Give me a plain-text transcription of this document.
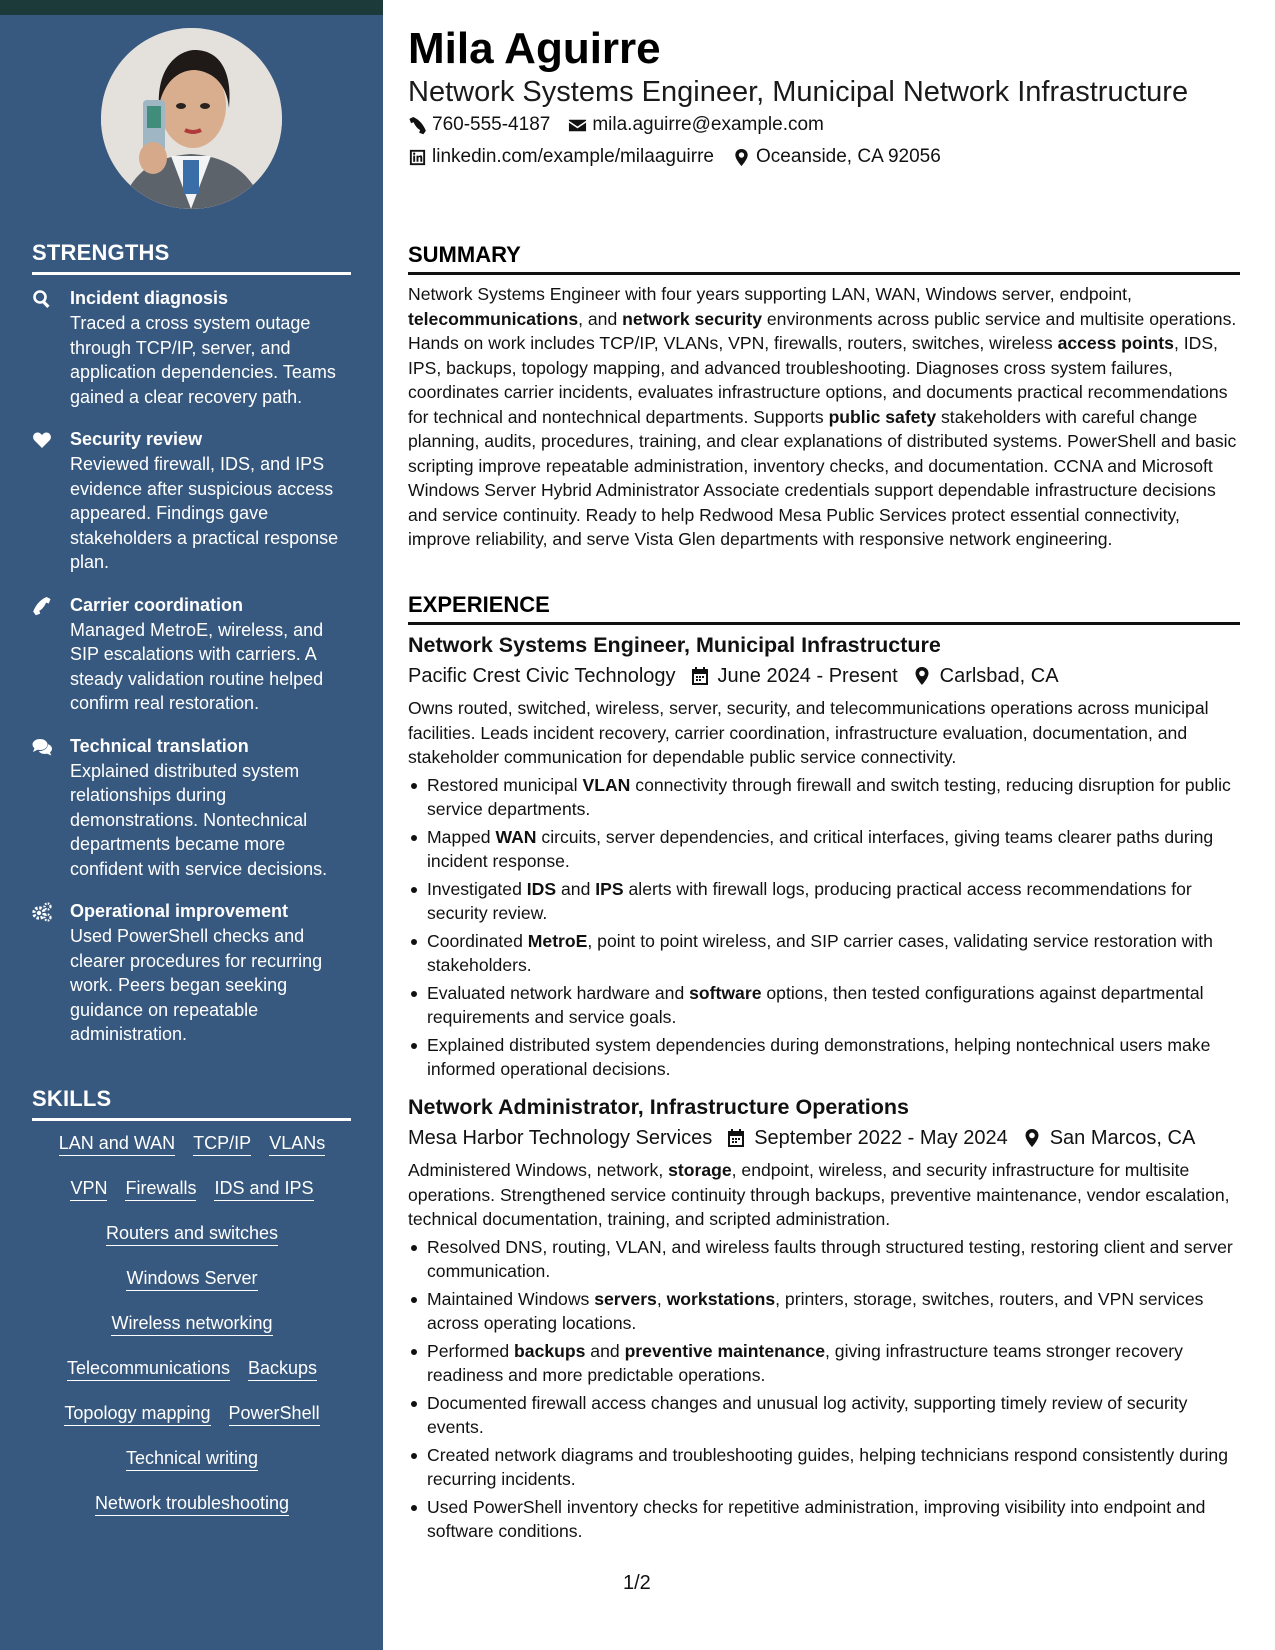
STRENGTHS
Incident diagnosis
Traced a cross system outage through TCP/IP, server, and application dependencies. Teams gained a clear recovery path.
Security review
Reviewed firewall, IDS, and IPS evidence after suspicious access appeared. Findings gave stakeholders a practical response plan.
Carrier coordination
Managed MetroE, wireless, and SIP escalations with carriers. A steady validation routine helped confirm real restoration.
Technical translation
Explained distributed system relationships during demonstrations. Nontechnical departments became more confident with service decisions.
Operational improvement
Used PowerShell checks and clearer procedures for recurring work. Peers began seeking guidance on repeatable administration.
SKILLS
LAN and WAN TCP/IP VLANs
VPN Firewalls IDS and IPS
Routers and switches
Windows Server
Wireless networking
Telecommunications Backups
Topology mapping PowerShell
Technical writing
Network troubleshooting
Mila Aguirre
Network Systems Engineer, Municipal Network Infrastructure
760-555-4187 mila.aguirre@example.com
linkedin.com/example/milaaguirre Oceanside, CA 92056
SUMMARY
Network Systems Engineer with four years supporting LAN, WAN, Windows server, endpoint, telecommunications, and network security environments across public service and multisite operations. Hands on work includes TCP/IP, VLANs, VPN, firewalls, routers, switches, wireless access points, IDS, IPS, backups, topology mapping, and advanced troubleshooting. Diagnoses cross system failures, coordinates carrier incidents, evaluates infrastructure options, and documents practical recommendations for technical and nontechnical departments. Supports public safety stakeholders with careful change planning, audits, procedures, training, and clear explanations of distributed systems. PowerShell and basic scripting improve repeatable administration, inventory checks, and documentation. CCNA and Microsoft Windows Server Hybrid Administrator Associate credentials support dependable infrastructure decisions and service continuity. Ready to help Redwood Mesa Public Services protect essential connectivity, improve reliability, and serve Vista Glen departments with responsive network engineering.
EXPERIENCE
Network Systems Engineer, Municipal Infrastructure
Pacific Crest Civic Technology June 2024 - Present Carlsbad, CA
Owns routed, switched, wireless, server, security, and telecommunications operations across municipal facilities. Leads incident recovery, carrier coordination, infrastructure evaluation, documentation, and stakeholder communication for dependable public service connectivity.
Restored municipal VLAN connectivity through firewall and switch testing, reducing disruption for public service departments.
Mapped WAN circuits, server dependencies, and critical interfaces, giving teams clearer paths during incident response.
Investigated IDS and IPS alerts with firewall logs, producing practical access recommendations for security review.
Coordinated MetroE, point to point wireless, and SIP carrier cases, validating service restoration with stakeholders.
Evaluated network hardware and software options, then tested configurations against departmental requirements and service goals.
Explained distributed system dependencies during demonstrations, helping nontechnical users make informed operational decisions.
Network Administrator, Infrastructure Operations
Mesa Harbor Technology Services September 2022 - May 2024 San Marcos, CA
Administered Windows, network, storage, endpoint, wireless, and security infrastructure for multisite operations. Strengthened service continuity through backups, preventive maintenance, vendor escalation, technical documentation, training, and scripted administration.
Resolved DNS, routing, VLAN, and wireless faults through structured testing, restoring client and server communication.
Maintained Windows servers, workstations, printers, storage, switches, routers, and VPN services across operating locations.
Performed backups and preventive maintenance, giving infrastructure teams stronger recovery readiness and more predictable operations.
Documented firewall access changes and unusual log activity, supporting timely review of security events.
Created network diagrams and troubleshooting guides, helping technicians respond consistently during recurring incidents.
Used PowerShell inventory checks for repetitive administration, improving visibility into endpoint and software conditions.
1/2
